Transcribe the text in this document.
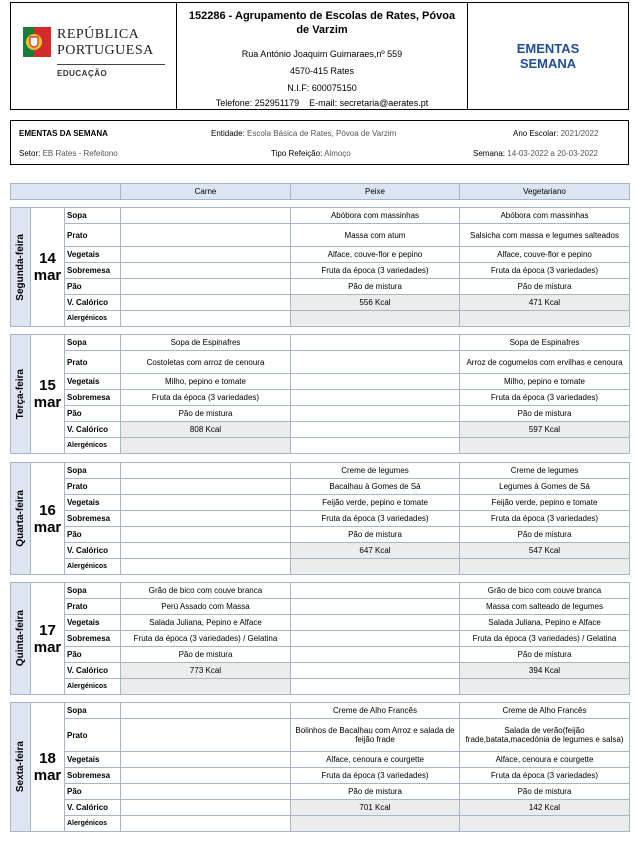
REPÚBLICA
PORTUGUESA
EDUCAÇÃO
152286 - Agrupamento de Escolas de Rates, Póvoa de Varzim
Rua António Joaquim Guimaraes,nº 559
4570-415 Rates
N.I.F: 600075150
Telefone: 252951179 E-mail: secretaria@aerates.pt
EMENTAS
SEMANA
EMENTAS DA SEMANA	Entidade: Escola Básica de Rates, Póvoa de Varzim	Ano Escolar: 2021/2022
Setor: EB Rates - Refeitono	Tipo Refeição: Almoço	Semana: 14-03-2022 a 20-03-2022
	Carne	Peixe	Vegetariano
Segunda-feira	14
mar	Sopa		Abóbora com massinhas	Abóbora com massinhas
		Prato		Massa com atum	Salsicha com massa e legumes salteados
		Vegetais		Alface, couve-flor e pepino	Alface, couve-flor e pepino
		Sobremesa		Fruta da época (3 variedades)	Fruta da época (3 variedades)
		Pão		Pão de mistura	Pão de mistura
		V. Calórico		556 Kcal	471 Kcal
		Alergénicos			
Terça-feira	15
mar	Sopa	Sopa de Espinafres		Sopa de Espinafres
		Prato	Costoletas com arroz de cenoura		Arroz de cogumelos com ervilhas e cenoura
		Vegetais	Milho, pepino e tomate		Milho, pepino e tomate
		Sobremesa	Fruta da época (3 variedades)		Fruta da época (3 variedades)
		Pão	Pão de mistura		Pão de mistura
		V. Calórico	808 Kcal		597 Kcal
		Alergénicos			
Quarta-feira	16
mar	Sopa		Creme de legumes	Creme de legumes
		Prato		Bacalhau à Gomes de Sá	Legumes à Gomes de Sá
		Vegetais		Feijão verde, pepino e tomate	Feijão verde, pepino e tomate
		Sobremesa		Fruta da época (3 variedades)	Fruta da época (3 variedades)
		Pão		Pão de mistura	Pão de mistura
		V. Calórico		647 Kcal	547 Kcal
		Alergénicos			
Quinta-feira	17
mar	Sopa	Grão de bico com couve branca		Grão de bico com couve branca
		Prato	Perú Assado com Massa		Massa com salteado de legumes
		Vegetais	Salada Juliana, Pepino e Alface		Salada Juliana, Pepino e Alface
		Sobremesa	Fruta da época (3 variedades) / Gelatina		Fruta da época (3 variedades) / Gelatina
		Pão	Pão de mistura		Pão de mistura
		V. Calórico	773 Kcal		394 Kcal
		Alergénicos			
Sexta-feira	18
mar	Sopa		Creme de Alho Francês	Creme de Alho Francês
		Prato		Bolinhos de Bacalhau com Arroz e salada de feijão frade	Salada de verão(feijão frade,batata,macedónia de legumes e salsa)
		Vegetais		Alface, cenoura e courgette	Alface, cenoura e courgette
		Sobremesa		Fruta da época (3 variedades)	Fruta da época (3 variedades)
		Pão		Pão de mistura	Pão de mistura
		V. Calórico		701 Kcal	142 Kcal
		Alergénicos			
